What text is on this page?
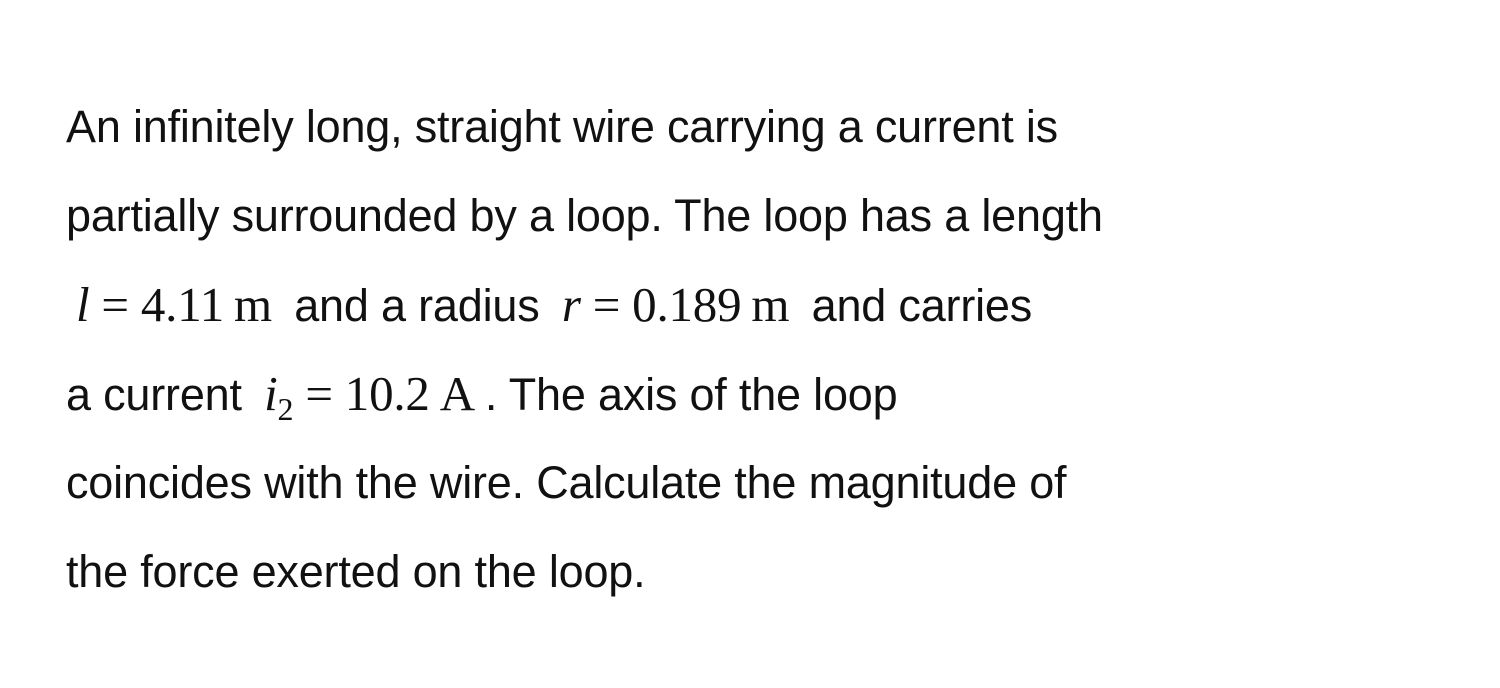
An infinitely long, straight wire carrying a current is
partially surrounded by a loop. The loop has a length
l = 4.11 m and a radius r = 0.189 m and carries
a current $i_2 = 10.2$ A . The axis of the loop
coincides with the wire. Calculate the magnitude of
the force exerted on the loop.
